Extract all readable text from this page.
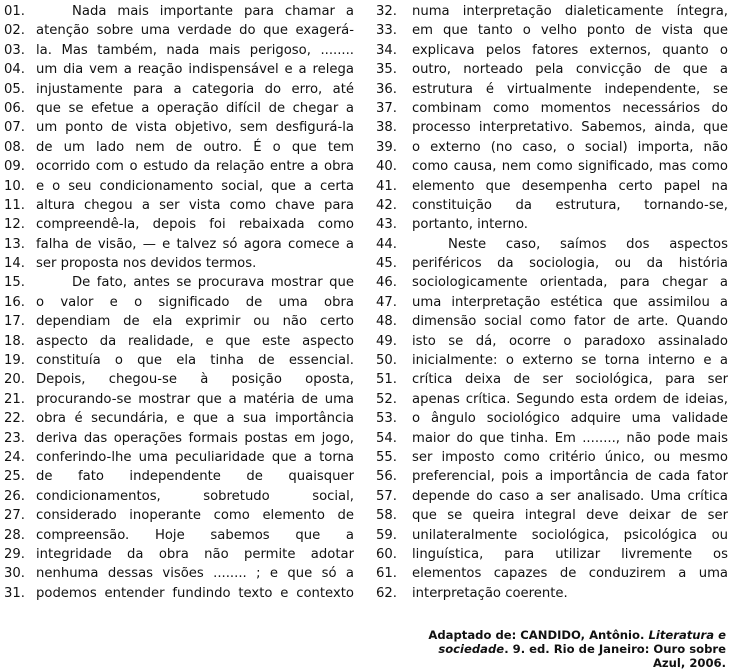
01.	Nada mais importante para chamar a
02. atenção sobre uma verdade do que exagerá-
03. la. Mas também, nada mais perigoso, ........
04. um dia vem a reação indispensável e a relega
05. injustamente para a categoria do erro, até
06. que se efetue a operação difícil de chegar a
07. um ponto de vista objetivo, sem desfigurá-la
08. de um lado nem de outro. É o que tem
09. ocorrido com o estudo da relação entre a obra
10. e o seu condicionamento social, que a certa
11. altura chegou a ser vista como chave para
12. compreendê-la, depois foi rebaixada como
13. falha de visão, — e talvez só agora comece a
14. ser proposta nos devidos termos.
15.	De fato, antes se procurava mostrar que
16. o valor e o significado de uma obra
17. dependiam de ela exprimir ou não certo
18. aspecto da realidade, e que este aspecto
19. constituía o que ela tinha de essencial.
20. Depois, chegou-se à posição oposta,
21. procurando-se mostrar que a matéria de uma
22. obra é secundária, e que a sua importância
23. deriva das operações formais postas em jogo,
24. conferindo-lhe uma peculiaridade que a torna
25. de fato independente de quaisquer
26. condicionamentos, sobretudo social,
27. considerado inoperante como elemento de
28. compreensão. Hoje sabemos que a
29. integridade da obra não permite adotar
30. nenhuma dessas visões ........ ; e que só a
31. podemos entender fundindo texto e contexto
32.	numa interpretação dialeticamente íntegra,
33.	em que tanto o velho ponto de vista que
34.	explicava pelos fatores externos, quanto o
35.	outro, norteado pela convicção de que a
36.	estrutura é virtualmente independente, se
37.	combinam como momentos necessários do
38.	processo interpretativo. Sabemos, ainda, que
39.	o externo (no caso, o social) importa, não
40.	como causa, nem como significado, mas como
41.	elemento que desempenha certo papel na
42.	constituição da estrutura, tornando-se,
43.	portanto, interno.
44.	Neste caso, saímos dos aspectos
45.	periféricos da sociologia, ou da história
46.	sociologicamente orientada, para chegar a
47.	uma interpretação estética que assimilou a
48.	dimensão social como fator de arte. Quando
49.	isto se dá, ocorre o paradoxo assinalado
50.	inicialmente: o externo se torna interno e a
51.	crítica deixa de ser sociológica, para ser
52.	apenas crítica. Segundo esta ordem de ideias,
53.	o ângulo sociológico adquire uma validade
54.	maior do que tinha. Em ........, não pode mais
55.	ser imposto como critério único, ou mesmo
56.	preferencial, pois a importância de cada fator
57.	depende do caso a ser analisado. Uma crítica
58.	que se queira integral deve deixar de ser
59.	unilateralmente sociológica, psicológica ou
60.	linguística, para utilizar livremente os
61.	elementos capazes de conduzirem a uma
62.	interpretação coerente.
Adaptado de: CANDIDO, Antônio. Literatura e sociedade. 9. ed. Rio de Janeiro: Ouro sobre Azul, 2006.
